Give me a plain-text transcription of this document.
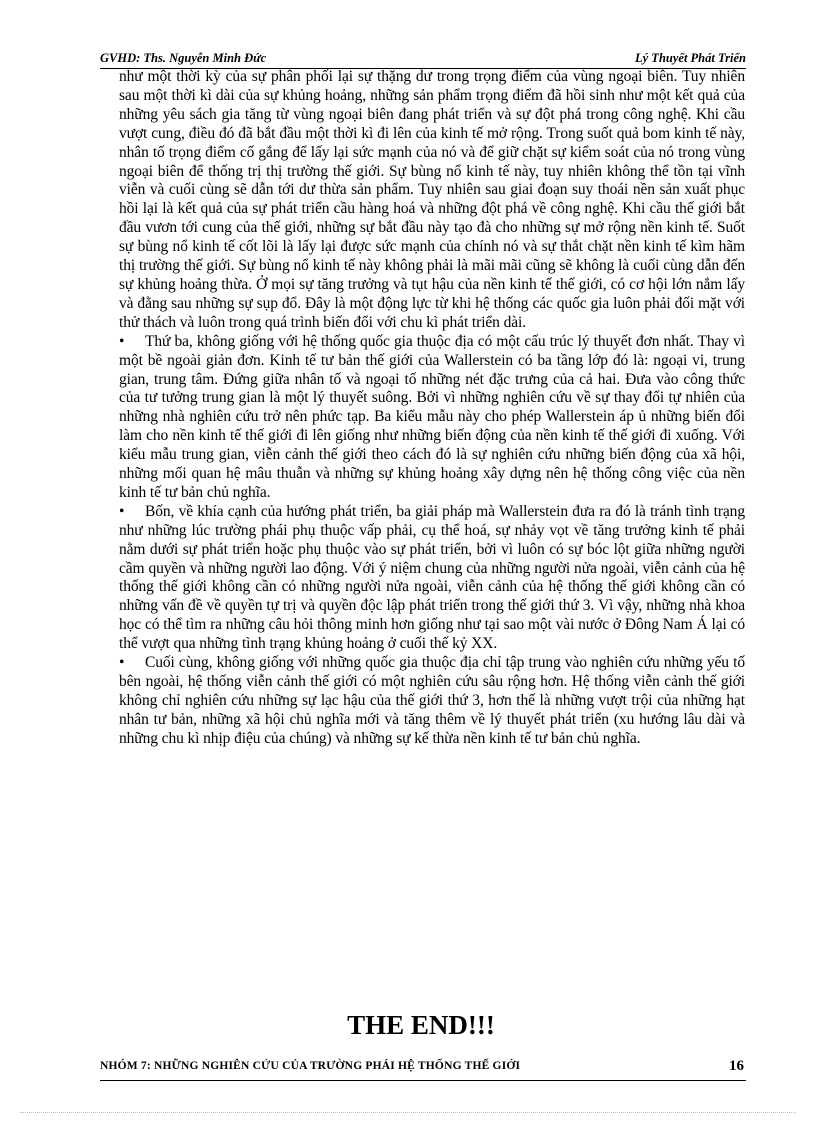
GVHD: Ths. Nguyễn Minh Đức	Lý Thuyết Phát Triển

như một thời kỳ của sự phân phối lại sự thặng dư trong trọng điểm của vùng ngoại biên. Tuy nhiên sau một thời kì dài của sự khủng hoảng, những sản phẩm trọng điểm đã hồi sinh như một kết quả của những yêu sách gia tăng từ vùng ngoại biên đang phát triển và sự đột phá trong công nghệ. Khi cầu vượt cung, điều đó đã bắt đầu một thời kì đi lên của kinh tế mở rộng. Trong suốt quả bom kinh tế này, nhân tố trọng điểm cố gắng để lấy lại sức mạnh của nó và để giữ chặt sự kiểm soát của nó trong vùng ngoại biên để thống trị thị trường thế giới. Sự bùng nổ kinh tế này, tuy nhiên không thể tồn tại vĩnh viễn và cuối cùng sẽ dẫn tới dư thừa sản phẩm. Tuy nhiên sau giai đoạn suy thoái nền sản xuất phục hồi lại là kết quả của sự phát triển cầu hàng hoá và những đột phá về công nghệ. Khi cầu thế giới bắt đầu vươn tới cung của thế giới, những sự bắt đầu này tạo đà cho những sự mở rộng nền kinh tế. Suốt sự bùng nổ kinh tế cốt lõi là lấy lại được sức mạnh của chính nó và sự thắt chặt nền kinh tế kìm hãm thị trường thế giới. Sự bùng nổ kinh tế này không phải là mãi mãi cũng sẽ không là cuối cùng dẫn đến sự khủng hoảng thừa. Ở mọi sự tăng trưởng và tụt hậu của nền kinh tế thế giới, có cơ hội lớn nắm lấy và đằng sau những sự sụp đổ. Đây là một động lực từ khi hệ thống các quốc gia luôn phải đối mặt với thử thách và luôn trong quá trình biến đổi với chu kì phát triển dài.

•	Thứ ba, không giống với hệ thống quốc gia thuộc địa có một cấu trúc lý thuyết đơn nhất. Thay vì một bề ngoài giản đơn. Kinh tế tư bản thế giới của Wallerstein có ba tầng lớp đó là: ngoại vi, trung gian, trung tâm. Đứng giữa nhân tố và ngoại tố những nét đặc trưng của cả hai. Đưa vào công thức của tư tưởng trung gian là một lý thuyết suông. Bởi vì những nghiên cứu về sự thay đổi tự nhiên của những nhà nghiên cứu trở nên phức tạp. Ba kiểu mẫu này cho phép Wallerstein áp ủ những biến đổi làm cho nền kinh tế thế giới đi lên giống như những biến động của nền kinh tế thế giới đi xuống. Với kiểu mẫu trung gian, viễn cảnh thế giới theo cách đó là sự nghiên cứu những biến động của xã hội, những mối quan hệ mâu thuẫn và những sự khủng hoảng xây dựng nên hệ thống công việc của nền kinh tế tư bản chủ nghĩa.

•	Bốn, về khía cạnh của hướng phát triển, ba giải pháp mà Wallerstein đưa ra đó là tránh tình trạng như những lúc trường phái phụ thuộc vấp phải, cụ thể hoá, sự nhảy vọt về tăng trưởng kinh tế phải nằm dưới sự phát triển hoặc phụ thuộc vào sự phát triển, bởi vì luôn có sự bóc lột giữa những người cầm quyền và những người lao động. Với ý niệm chung của những người nửa ngoài, viễn cảnh của hệ thống thế giới không cần có những người nửa ngoài, viễn cảnh của hệ thống thế giới không cần có những vấn đề về quyền tự trị và quyền độc lập phát triển trong thế giới thứ 3. Vì vậy, những nhà khoa học có thể tìm ra những câu hỏi thông minh hơn giống như tại sao một vài nước ở Đông Nam Á lại có thể vượt qua những tình trạng khủng hoảng ở cuối thế kỷ XX.

•	Cuối cùng, không giống với những quốc gia thuộc địa chỉ tập trung vào nghiên cứu những yếu tố bên ngoài, hệ thống viễn cảnh thế giới có một nghiên cứu sâu rộng hơn. Hệ thống viễn cảnh thế giới không chỉ nghiên cứu những sự lạc hậu của thế giới thứ 3, hơn thế là những vượt trội của những hạt nhân tư bản, những xã hội chủ nghĩa mới và tăng thêm về lý thuyết phát triển (xu hướng lâu dài và những chu kì nhịp điệu của chúng) và những sự kế thừa nền kinh tế tư bản chủ nghĩa.

THE END!!!
NHÓM 7: NHỮNG NGHIÊN CỨU CỦA TRƯỜNG PHÁI HỆ THỐNG THẾ GIỚI	16
